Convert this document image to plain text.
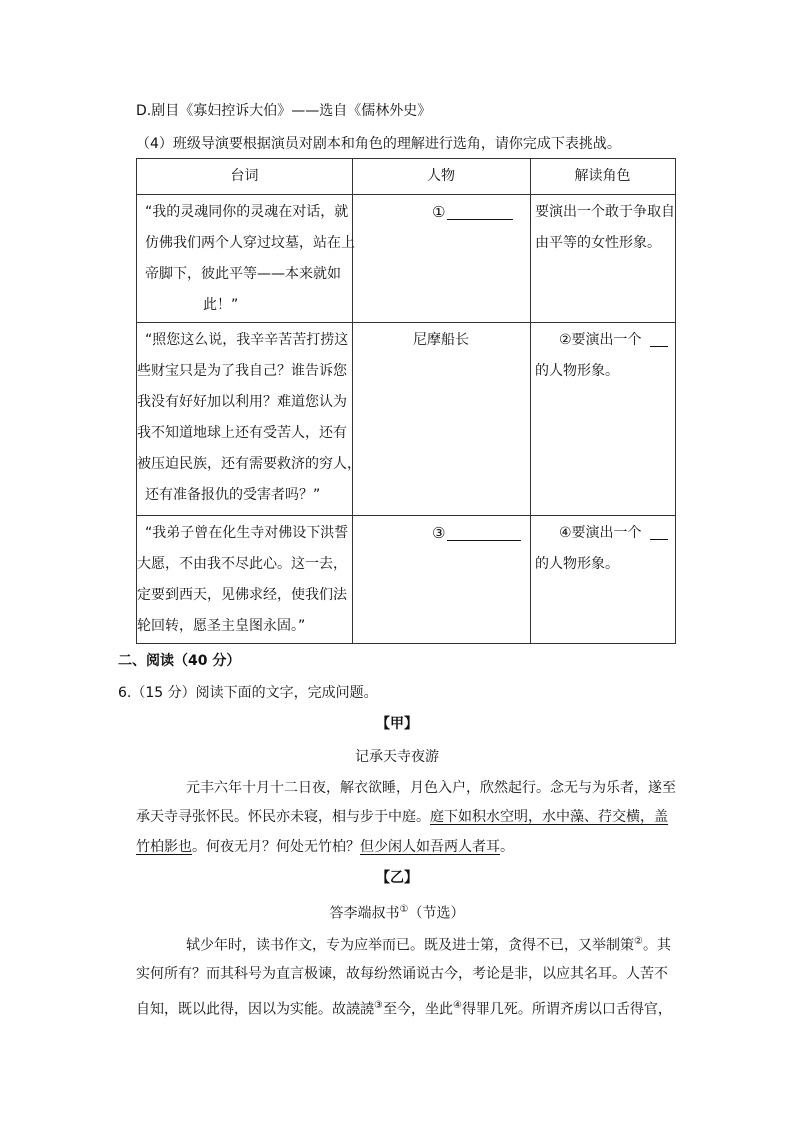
D.剧目《寡妇控诉大伯》——选自《儒林外史》
（4）班级导演要根据演员对剧本和角色的理解进行选角，请你完成下表挑战。
台词	人物	解读角色
“我的灵魂同你的灵魂在对话，就
仿佛我们两个人穿过坟墓，站在上
帝脚下，彼此平等——本来就如
此！”
①	要演出一个敢于争取自
由平等的女性形象。
“照您这么说，我辛辛苦苦打捞这
些财宝只是为了我自己？谁告诉您
我没有好好加以利用？难道您认为
我不知道地球上还有受苦人，还有
被压迫民族，还有需要救济的穷人，
还有准备报仇的受害者吗？”
尼摩船长	②要演出一个
的人物形象。
“我弟子曾在化生寺对佛设下洪誓
大愿，不由我不尽此心。这一去，
定要到西天，见佛求经，使我们法
轮回转，愿圣主皇图永固。”
③	④要演出一个
的人物形象。
二、阅读（40 分）
6.（15 分）阅读下面的文字，完成问题。
【甲】
记承天寺夜游
元丰六年十月十二日夜，解衣欲睡，月色入户，欣然起行。念无与为乐者，遂至
承天寺寻张怀民。怀民亦未寝，相与步于中庭。庭下如积水空明，水中藻、荇交横，盖
竹柏影也。何夜无月？何处无竹柏？但少闲人如吾两人者耳。
【乙】
答李端叔书①（节选）
轼少年时，读书作文，专为应举而已。既及进士第，贪得不已，又举制策②。其
实何所有？而其科号为直言极谏，故每纷然诵说古今，考论是非，以应其名耳。人苦不
自知，既以此得，因以为实能。故譊譊③至今，坐此④得罪几死。所谓齐虏以口舌得官，
